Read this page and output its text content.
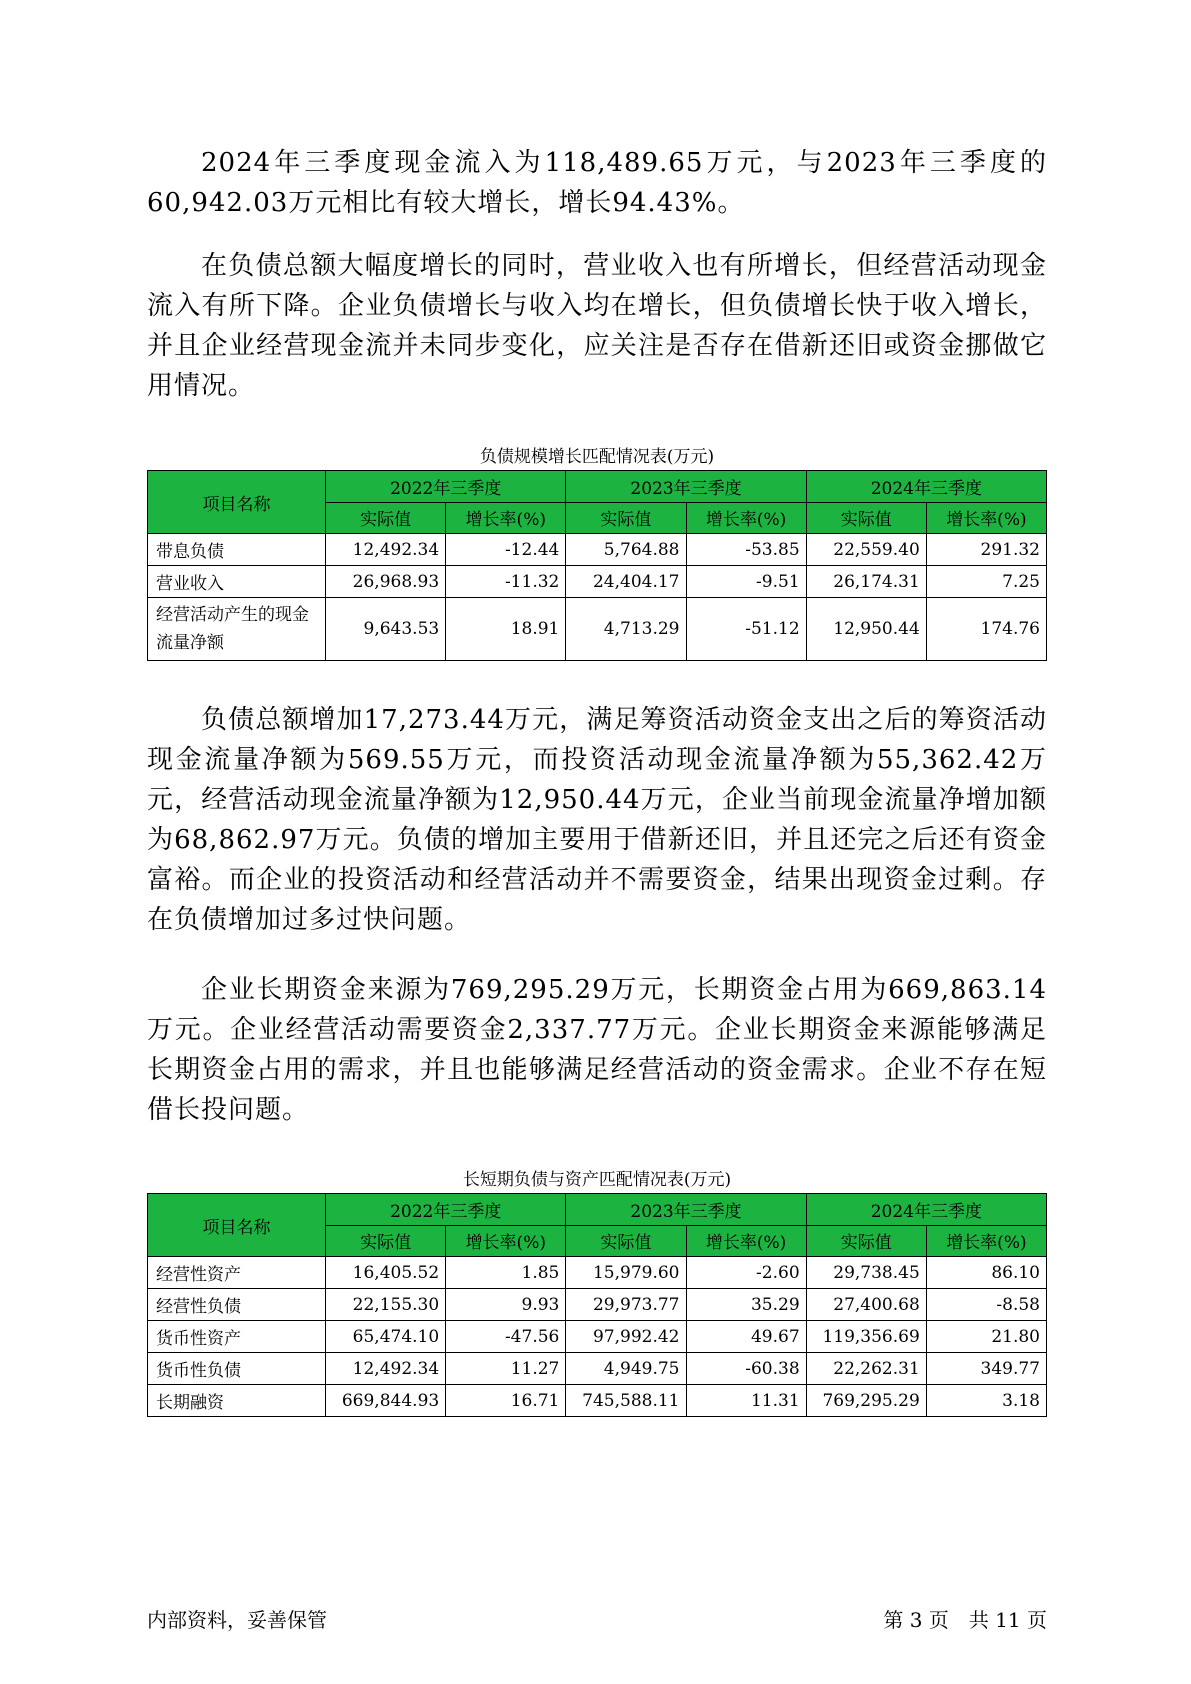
2024年三季度现金流入为118,489.65万元，与2023年三季度的60,942.03万元相比有较大增长，增长94.43%。

在负债总额大幅度增长的同时，营业收入也有所增长，但经营活动现金流入有所下降。企业负债增长与收入均在增长，但负债增长快于收入增长，并且企业经营现金流并未同步变化，应关注是否存在借新还旧或资金挪做它用情况。

负债规模增长匹配情况表(万元)
项目名称	2022年三季度		2023年三季度		2024年三季度	
	实际值	增长率(%)	实际值	增长率(%)	实际值	增长率(%)
带息负债	12,492.34	-12.44	5,764.88	-53.85	22,559.40	291.32
营业收入	26,968.93	-11.32	24,404.17	-9.51	26,174.31	7.25
经营活动产生的现金流量净额	9,643.53	18.91	4,713.29	-51.12	12,950.44	174.76

负债总额增加17,273.44万元，满足筹资活动资金支出之后的筹资活动现金流量净额为569.55万元，而投资活动现金流量净额为55,362.42万元，经营活动现金流量净额为12,950.44万元，企业当前现金流量净增加额为68,862.97万元。负债的增加主要用于借新还旧，并且还完之后还有资金富裕。而企业的投资活动和经营活动并不需要资金，结果出现资金过剩。存在负债增加过多过快问题。

企业长期资金来源为769,295.29万元，长期资金占用为669,863.14万元。企业经营活动需要资金2,337.77万元。企业长期资金来源能够满足长期资金占用的需求，并且也能够满足经营活动的资金需求。企业不存在短借长投问题。

长短期负债与资产匹配情况表(万元)
项目名称	2022年三季度		2023年三季度		2024年三季度	
	实际值	增长率(%)	实际值	增长率(%)	实际值	增长率(%)
经营性资产	16,405.52	1.85	15,979.60	-2.60	29,738.45	86.10
经营性负债	22,155.30	9.93	29,973.77	35.29	27,400.68	-8.58
货币性资产	65,474.10	-47.56	97,992.42	49.67	119,356.69	21.80
货币性负债	12,492.34	11.27	4,949.75	-60.38	22,262.31	349.77
长期融资	669,844.93	16.71	745,588.11	11.31	769,295.29	3.18
内部资料，妥善保管	第 3 页　共 11 页
